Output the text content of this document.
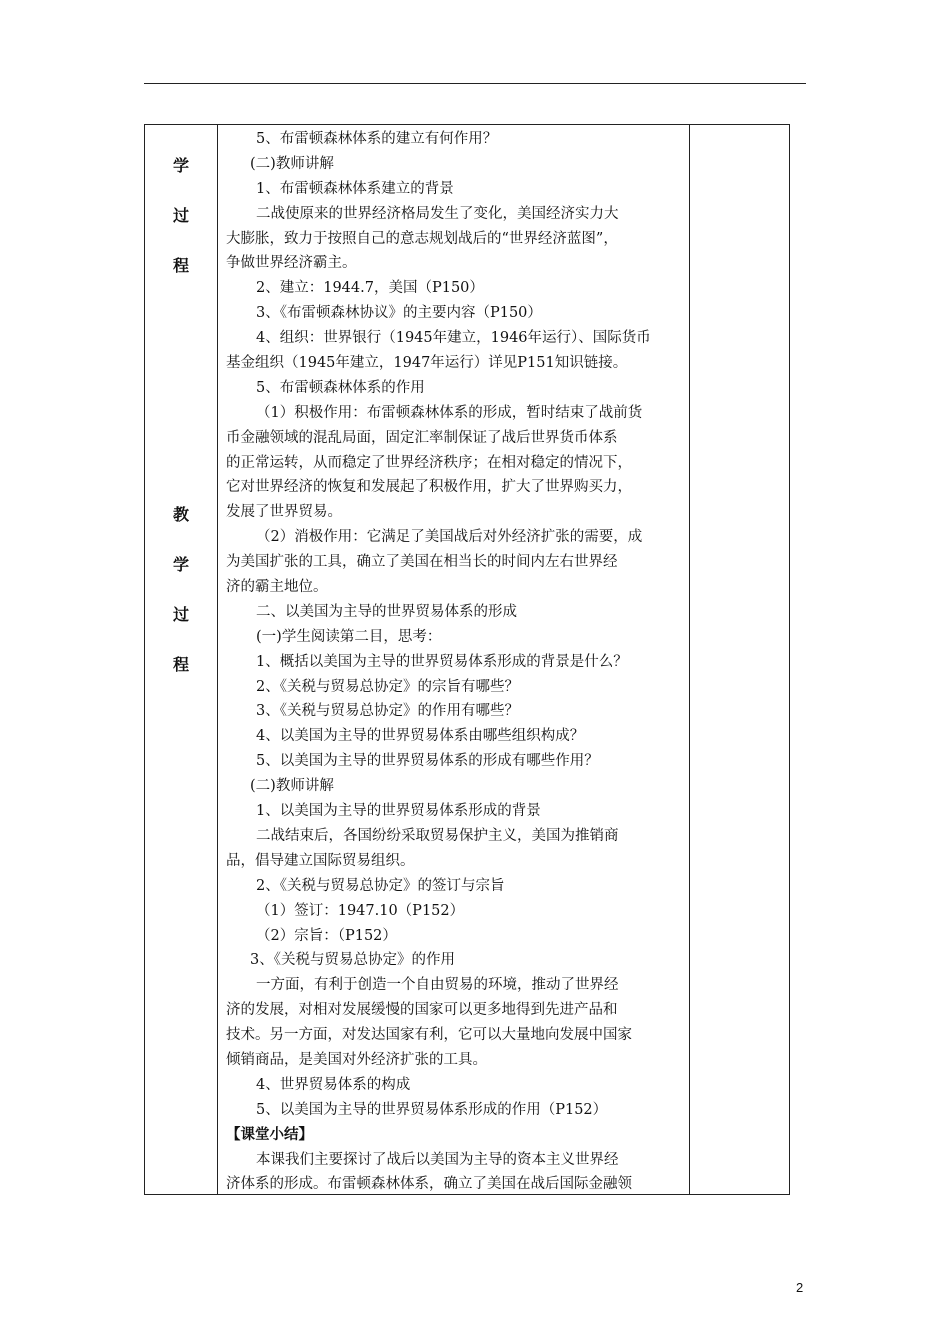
学
过
程
教
学
过
程
5、布雷顿森林体系的建立有何作用？
(二)教师讲解
1、布雷顿森林体系建立的背景
二战使原来的世界经济格局发生了变化，美国经济实力大
大膨胀，致力于按照自己的意志规划战后的“世界经济蓝图”，
争做世界经济霸主。
2、建立：1944.7，美国（P150）
3、《布雷顿森林协议》的主要内容（P150）
4、组织：世界银行（1945年建立，1946年运行）、国际货币
基金组织（1945年建立，1947年运行）详见P151知识链接。
5、布雷顿森林体系的作用
（1）积极作用：布雷顿森林体系的形成，暂时结束了战前货
币金融领域的混乱局面，固定汇率制保证了战后世界货币体系
的正常运转，从而稳定了世界经济秩序；在相对稳定的情况下，
它对世界经济的恢复和发展起了积极作用，扩大了世界购买力，
发展了世界贸易。
（2）消极作用：它满足了美国战后对外经济扩张的需要，成
为美国扩张的工具，确立了美国在相当长的时间内左右世界经
济的霸主地位。
二、以美国为主导的世界贸易体系的形成
(一)学生阅读第二目，思考：
1、概括以美国为主导的世界贸易体系形成的背景是什么？
2、《关税与贸易总协定》的宗旨有哪些？
3、《关税与贸易总协定》的作用有哪些？
4、以美国为主导的世界贸易体系由哪些组织构成？
5、以美国为主导的世界贸易体系的形成有哪些作用？
(二)教师讲解
1、以美国为主导的世界贸易体系形成的背景
二战结束后，各国纷纷采取贸易保护主义，美国为推销商
品，倡导建立国际贸易组织。
2、《关税与贸易总协定》的签订与宗旨
（1）签订：1947.10（P152）
（2）宗旨：（P152）
3、《关税与贸易总协定》的作用
一方面，有利于创造一个自由贸易的环境，推动了世界经
济的发展，对相对发展缓慢的国家可以更多地得到先进产品和
技术。另一方面，对发达国家有利，它可以大量地向发展中国家
倾销商品，是美国对外经济扩张的工具。
4、世界贸易体系的构成
5、以美国为主导的世界贸易体系形成的作用（P152）
【课堂小结】
本课我们主要探讨了战后以美国为主导的资本主义世界经
济体系的形成。布雷顿森林体系，确立了美国在战后国际金融领
2
